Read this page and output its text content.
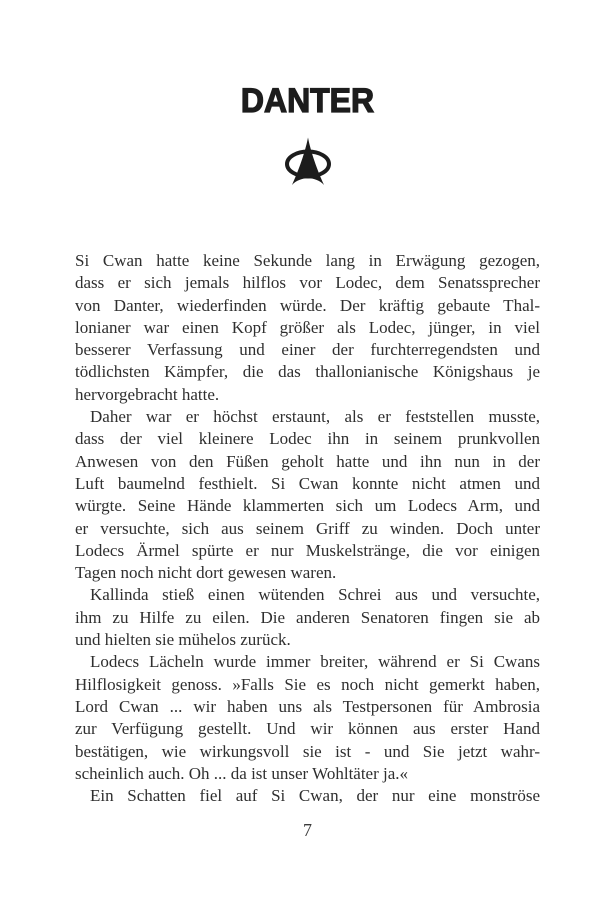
DANTER
Si Cwan hatte keine Sekunde lang in Erwägung gezogen,
dass er sich jemals hilflos vor Lodec, dem Senatssprecher
von Danter, wiederfinden würde. Der kräftig gebaute Thal-
lonianer war einen Kopf größer als Lodec, jünger, in viel
besserer Verfassung und einer der furchterregendsten und
tödlichsten Kämpfer, die das thallonianische Königshaus je
hervorgebracht hatte.
Daher war er höchst erstaunt, als er feststellen musste,
dass der viel kleinere Lodec ihn in seinem prunkvollen
Anwesen von den Füßen geholt hatte und ihn nun in der
Luft baumelnd festhielt. Si Cwan konnte nicht atmen und
würgte. Seine Hände klammerten sich um Lodecs Arm, und
er versuchte, sich aus seinem Griff zu winden. Doch unter
Lodecs Ärmel spürte er nur Muskelstränge, die vor einigen
Tagen noch nicht dort gewesen waren.
Kallinda stieß einen wütenden Schrei aus und versuchte,
ihm zu Hilfe zu eilen. Die anderen Senatoren fingen sie ab
und hielten sie mühelos zurück.
Lodecs Lächeln wurde immer breiter, während er Si Cwans
Hilflosigkeit genoss. »Falls Sie es noch nicht gemerkt haben,
Lord Cwan ... wir haben uns als Testpersonen für Ambrosia
zur Verfügung gestellt. Und wir können aus erster Hand
bestätigen, wie wirkungsvoll sie ist - und Sie jetzt wahr-
scheinlich auch. Oh ... da ist unser Wohltäter ja.«
Ein Schatten fiel auf Si Cwan, der nur eine monströse
7
